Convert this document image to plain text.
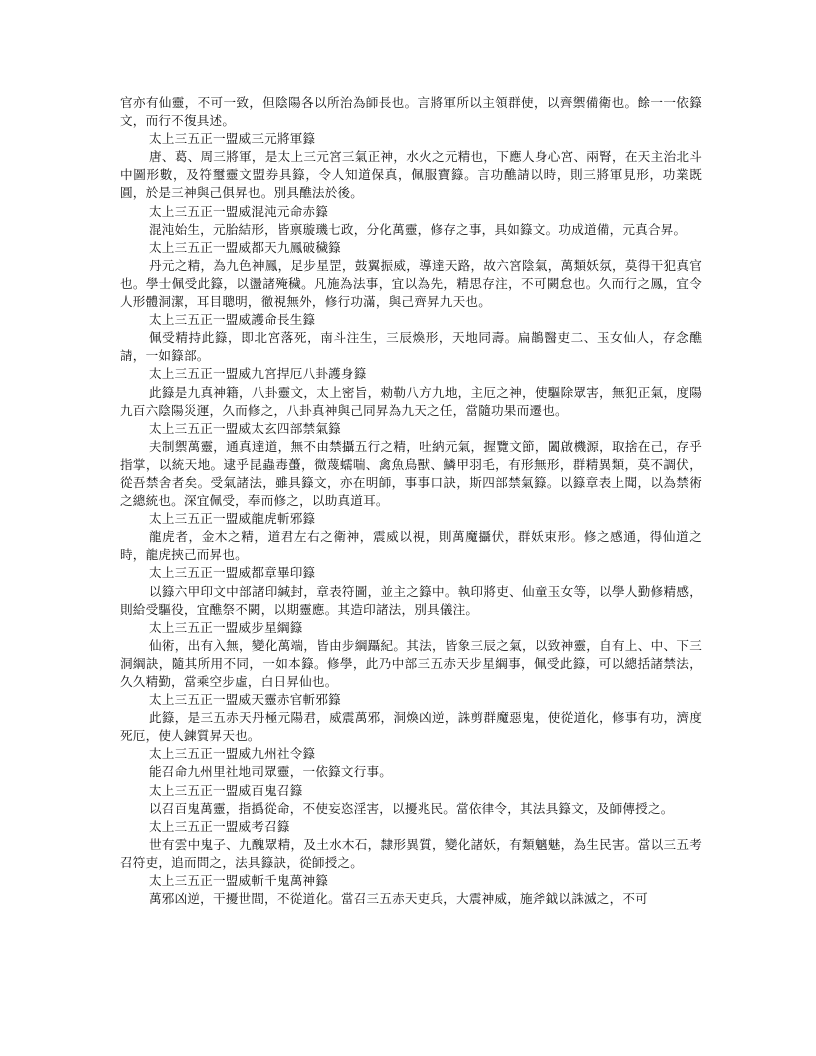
官亦有仙靈，不可一致，但陰陽各以所治為師長也。言將軍所以主領群使，以齊禦備衛也。餘一一依籙文，而行不復具述。

太上三五正一盟威三元將軍籙

唐、葛、周三將軍，是太上三元宮三氣正神，水火之元精也，下應人身心宮、兩腎，在天主治北斗中圖形數，及符璽靈文盟券具籙，令人知道保真，佩服寶籙。言功醮請以時，則三將軍見形，功業既圓，於是三神與己俱昇也。別具醮法於後。

太上三五正一盟威混沌元命赤籙

混沌始生，元胎結形，皆禀璇璣七政，分化萬靈，修存之事，具如籙文。功成道備，元真合昇。

太上三五正一盟威都天九鳳破穢籙

丹元之精，為九色神鳳，足步星罡，鼓翼振威，導達天路，故六宮陰氣，萬類妖氛，莫得干犯真官也。學士佩受此籙，以盪諸殗穢。凡施為法事，宜以為先，精思存注，不可闕怠也。久而行之鳳，宜令人形體洞潔，耳目聰明，徹視無外，修行功滿，與己齊昇九天也。

太上三五正一盟威護命長生籙

佩受精持此籙，即北宮落死，南斗注生，三辰煥形，天地同壽。扁鵲醫吏二、玉女仙人，存念醮請，一如籙部。

太上三五正一盟威九宮捍厄八卦護身籙

此籙是九真神籍，八卦靈文，太上密旨，勑勒八方九地，主厄之神，使驅除眾害，無犯正氣，度陽九百六陰陽災運，久而修之，八卦真神與己同昇為九天之任，當隨功果而遷也。

太上三五正一盟威太玄四部禁氣籙

夫制禦萬靈，通真達道，無不由禁攝五行之精，吐納元氣，握覽文節，闔啟機源，取捨在己，存乎指掌，以統天地。逮乎昆蟲毒蠆，微蔑蠕喘、禽魚鳥獸、鱗甲羽毛，有形無形，群精異類，莫不調伏，從吾禁舍者矣。受氣諸法，雖具籙文，亦在明師，事事口訣，斯四部禁氣籙。以籙章表上聞，以為禁術之總統也。深宜佩受，奉而修之，以助真道耳。

太上三五正一盟威龍虎斬邪籙

龍虎者，金木之精，道君左右之衛神，震威以視，則萬魔攝伏，群妖束形。修之感通，得仙道之時，龍虎挾己而昇也。

太上三五正一盟威都章畢印籙

以籙六甲印文中部諸印緘封，章表符圖，並主之籙中。執印將吏、仙童玉女等，以學人勤修精感，則給受驅役，宜醮祭不闕，以期靈應。其造印諸法，別具儀注。

太上三五正一盟威步星綱籙

仙術，出有入無，變化萬端，皆由步綱躡紀。其法，皆象三辰之氣，以致神靈，自有上、中、下三洞綱訣，隨其所用不同，一如本籙。修學，此乃中部三五赤天步星綱事，佩受此籙，可以總括諸禁法，久久精勤，當乘空步虛，白日昇仙也。

太上三五正一盟威天靈赤官斬邪籙

此籙，是三五赤天丹極元陽君，威震萬邪，洞煥凶逆，誅剪群魔惡鬼，使從道化，修事有功，濟度死厄，使人鍊質昇天也。

太上三五正一盟威九州社令籙

能召命九州里社地司眾靈，一依籙文行事。

太上三五正一盟威百鬼召籙

以召百鬼萬靈，指撝從命，不使妄恣淫害，以擾兆民。當依律令，其法具籙文，及師傳授之。

太上三五正一盟威考召籙

世有雲中鬼子、九醜眾精，及土水木石，隸形異質，變化諸妖，有類魑魅，為生民害。當以三五考召符吏，追而問之，法具籙訣，從師授之。

太上三五正一盟威斬千鬼萬神籙

萬邪凶逆，干擾世間，不從道化。當召三五赤天吏兵，大震神威，施斧鉞以誅滅之，不可
